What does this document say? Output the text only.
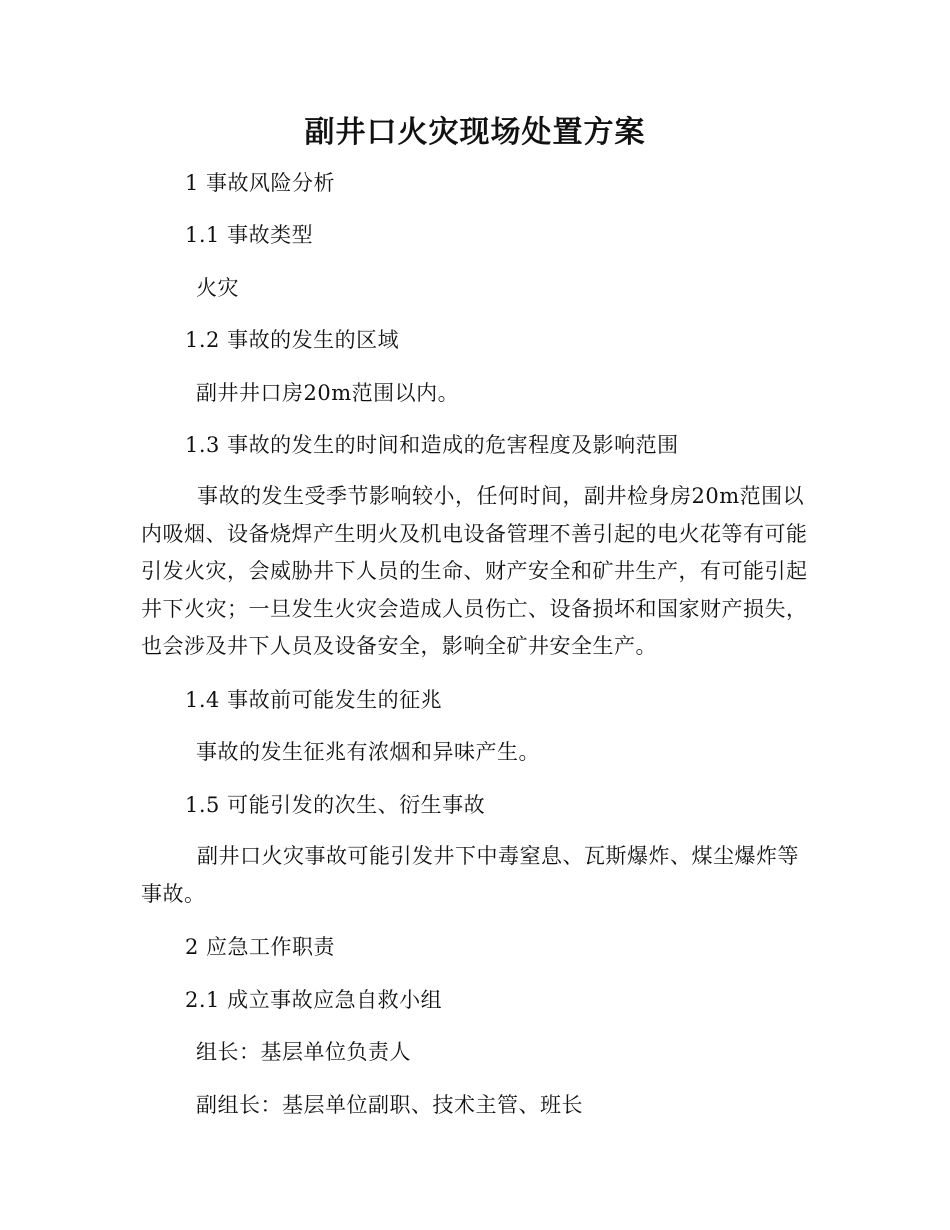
副井口火灾现场处置方案
1 事故风险分析
1.1 事故类型
火灾
1.2 事故的发生的区域
副井井口房20m范围以内。
1.3 事故的发生的时间和造成的危害程度及影响范围
事故的发生受季节影响较小，任何时间，副井检身房20m范围以内吸烟、设备烧焊产生明火及机电设备管理不善引起的电火花等有可能引发火灾，会威胁井下人员的生命、财产安全和矿井生产，有可能引起井下火灾；一旦发生火灾会造成人员伤亡、设备损坏和国家财产损失，也会涉及井下人员及设备安全，影响全矿井安全生产。
1.4 事故前可能发生的征兆
事故的发生征兆有浓烟和异味产生。
1.5 可能引发的次生、衍生事故
副井口火灾事故可能引发井下中毒窒息、瓦斯爆炸、煤尘爆炸等事故。
2 应急工作职责
2.1 成立事故应急自救小组
组长：基层单位负责人
副组长：基层单位副职、技术主管、班长
